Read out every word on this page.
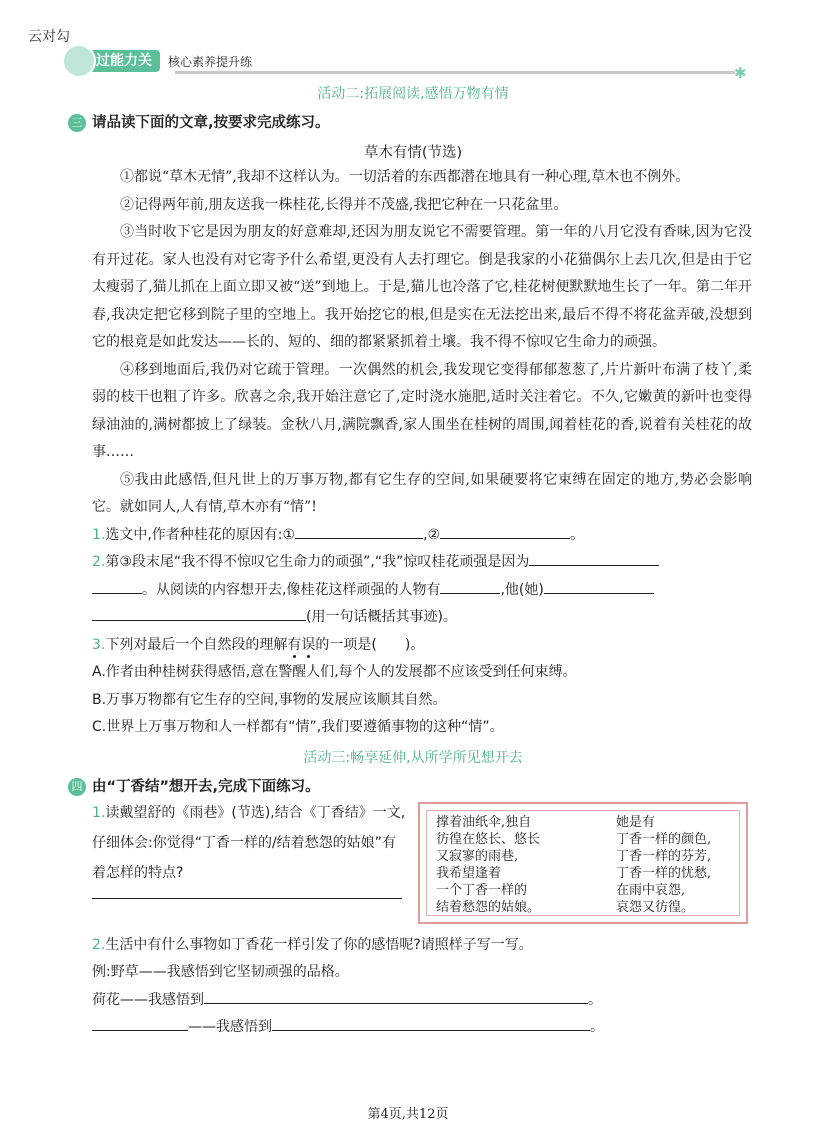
云对勾
过能力关	核心素养提升练
✱
活动二:拓展阅读,感悟万物有情
三 请品读下面的文章,按要求完成练习。
草木有情(节选)

①都说“草木无情”,我却不这样认为。一切活着的东西都潜在地具有一种心理,草木也不例外。

②记得两年前,朋友送我一株桂花,长得并不茂盛,我把它种在一只花盆里。

③当时收下它是因为朋友的好意难却,还因为朋友说它不需要管理。第一年的八月它没有香味,因为它没有开过花。家人也没有对它寄予什么希望,更没有人去打理它。倒是我家的小花猫偶尔上去几次,但是由于它太瘦弱了,猫儿抓在上面立即又被“送”到地上。于是,猫儿也冷落了它,桂花树便默默地生长了一年。第二年开春,我决定把它移到院子里的空地上。我开始挖它的根,但是实在无法挖出来,最后不得不将花盆弄破,没想到它的根竟是如此发达——长的、短的、细的都紧紧抓着土壤。我不得不惊叹它生命力的顽强。

④移到地面后,我仍对它疏于管理。一次偶然的机会,我发现它变得郁郁葱葱了,片片新叶布满了枝丫,柔弱的枝干也粗了许多。欣喜之余,我开始注意它了,定时浇水施肥,适时关注着它。不久,它嫩黄的新叶也变得绿油油的,满树都披上了绿装。金秋八月,满院飘香,家人围坐在桂树的周围,闻着桂花的香,说着有关桂花的故事……

⑤我由此感悟,但凡世上的万事万物,都有它生存的空间,如果硬要将它束缚在固定的地方,势必会影响它。就如同人,人有情,草木亦有“情”!

1.选文中,作者种桂花的原因有:①	,②	。
2.第③段末尾“我不得不惊叹它生命力的顽强”,“我”惊叹桂花顽强是因为
。从阅读的内容想开去,像桂花这样顽强的人物有	,他(她)
(用一句话概括其事迹)。
3.下列对最后一个自然段的理解有误的一项是(　　)。
A.作者由种桂树获得感悟,意在警醒人们,每个人的发展都不应该受到任何束缚。
B.万事万物都有它生存的空间,事物的发展应该顺其自然。
C.世界上万事万物和人一样都有“情”,我们要遵循事物的这种“情”。
活动三:畅享延伸,从所学所见想开去
四 由“丁香结”想开去,完成下面练习。
1.读戴望舒的《雨巷》(节选),结合《丁香结》一文,仔细体会:你觉得“丁香一样的/结着愁怨的姑娘”有着怎样的特点?
撑着油纸伞,独自
彷徨在悠长、悠长
又寂寥的雨巷,
我希望逢着
一个丁香一样的
结着愁怨的姑娘。
她是有
丁香一样的颜色,
丁香一样的芬芳,
丁香一样的忧愁,
在雨中哀怨,
哀怨又彷徨。
2.生活中有什么事物如丁香花一样引发了你的感悟呢?请照样子写一写。
例:野草——我感悟到它坚韧顽强的品格。
荷花——我感悟到	。
——我感悟到	。
第4页,共12页
